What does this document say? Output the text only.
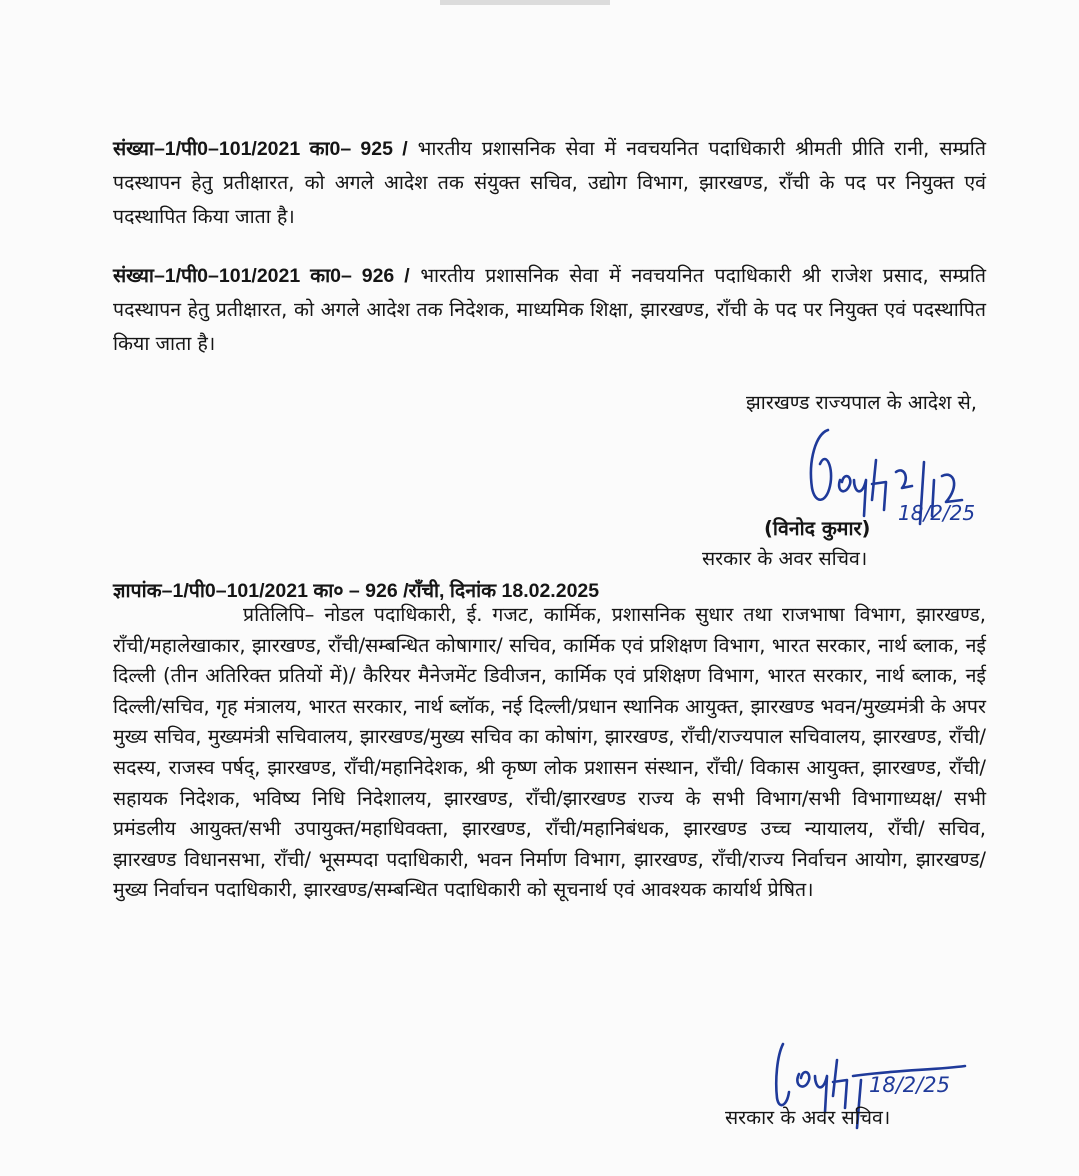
संख्या–1/पी0–101/2021 का0– 925 / भारतीय प्रशासनिक सेवा में नवचयनित पदाधिकारी श्रीमती प्रीति रानी, सम्प्रति पदस्थापन हेतु प्रतीक्षारत, को अगले आदेश तक संयुक्त सचिव, उद्योग विभाग, झारखण्ड, राँची के पद पर नियुक्त एवं पदस्थापित किया जाता है।

संख्या–1/पी0–101/2021 का0– 926 / भारतीय प्रशासनिक सेवा में नवचयनित पदाधिकारी श्री राजेश प्रसाद, सम्प्रति पदस्थापन हेतु प्रतीक्षारत, को अगले आदेश तक निदेशक, माध्यमिक शिक्षा, झारखण्ड, राँची के पद पर नियुक्त एवं पदस्थापित किया जाता है।

झारखण्ड राज्यपाल के आदेश से,

18/2/25

(विनोद कुमार)

सरकार के अवर सचिव।

ज्ञापांक–1/पी0–101/2021 का० – 926 /राँची, दिनांक 18.02.2025

प्रतिलिपि– नोडल पदाधिकारी, ई. गजट, कार्मिक, प्रशासनिक सुधार तथा राजभाषा विभाग, झारखण्ड, राँची/महालेखाकार, झारखण्ड, राँची/सम्बन्धित कोषागार/ सचिव, कार्मिक एवं प्रशिक्षण विभाग, भारत सरकार, नार्थ ब्लाक, नई दिल्ली (तीन अतिरिक्त प्रतियों में)/ कैरियर मैनेजमेंट डिवीजन, कार्मिक एवं प्रशिक्षण विभाग, भारत सरकार, नार्थ ब्लाक, नई दिल्ली/सचिव, गृह मंत्रालय, भारत सरकार, नार्थ ब्लॉक, नई दिल्ली/प्रधान स्थानिक आयुक्त, झारखण्ड भवन/मुख्यमंत्री के अपर मुख्य सचिव, मुख्यमंत्री सचिवालय, झारखण्ड/मुख्य सचिव का कोषांग, झारखण्ड, राँची/राज्यपाल सचिवालय, झारखण्ड, राँची/सदस्य, राजस्व पर्षद्, झारखण्ड, राँची/महानिदेशक, श्री कृष्ण लोक प्रशासन संस्थान, राँची/ विकास आयुक्त, झारखण्ड, राँची/सहायक निदेशक, भविष्य निधि निदेशालय, झारखण्ड, राँची/झारखण्ड राज्य के सभी विभाग/सभी विभागाध्यक्ष/ सभी प्रमंडलीय आयुक्त/सभी उपायुक्त/महाधिवक्ता, झारखण्ड, राँची/महानिबंधक, झारखण्ड उच्च न्यायालय, राँची/ सचिव, झारखण्ड विधानसभा, राँची/ भूसम्पदा पदाधिकारी, भवन निर्माण विभाग, झारखण्ड, राँची/राज्य निर्वाचन आयोग, झारखण्ड/मुख्य निर्वाचन पदाधिकारी, झारखण्ड/सम्बन्धित पदाधिकारी को सूचनार्थ एवं आवश्यक कार्यार्थ प्रेषित।

18/2/25

सरकार के अवर सचिव।
